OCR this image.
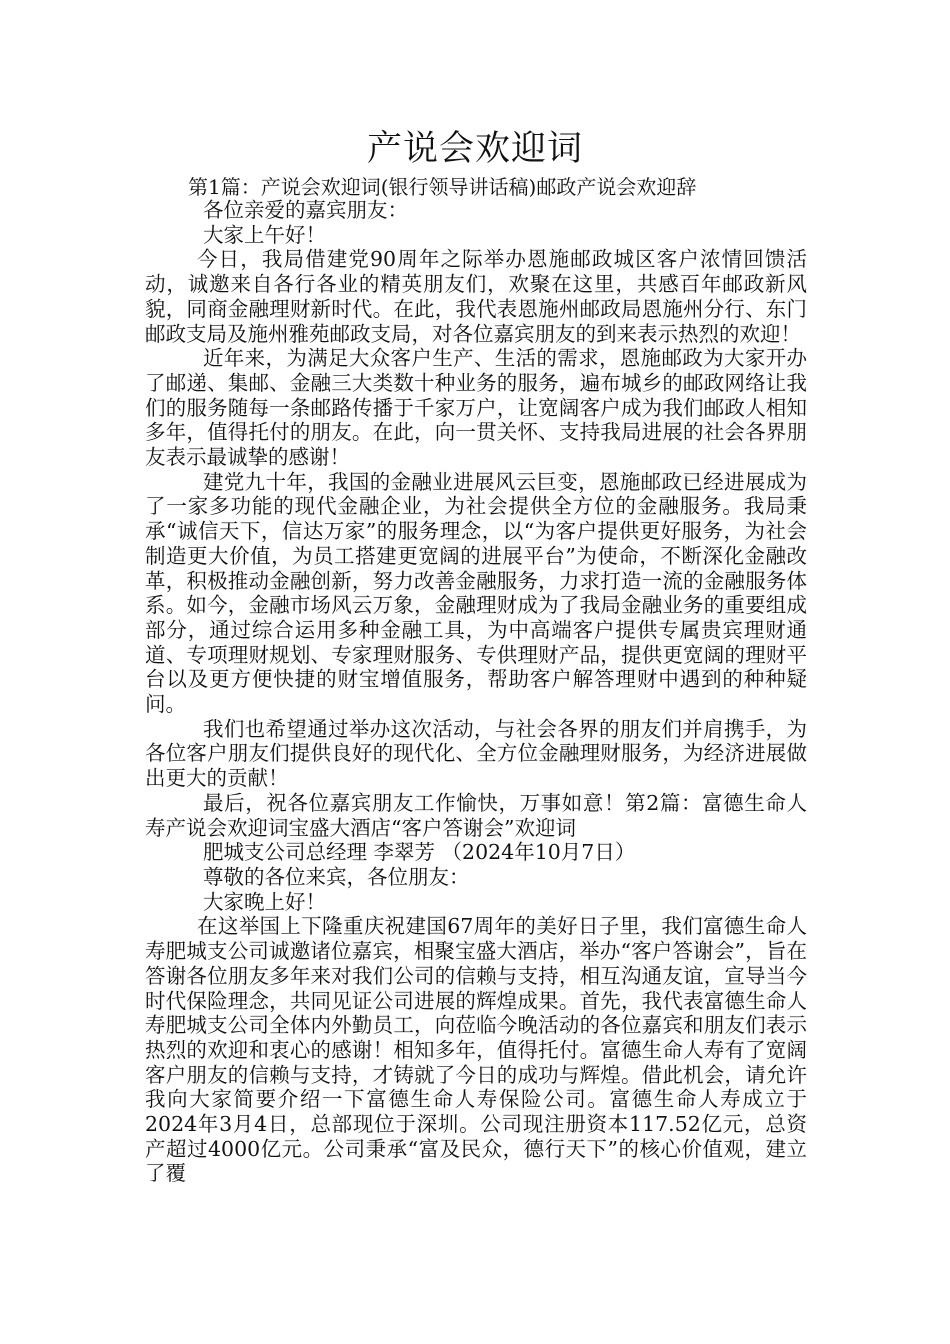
产说会欢迎词
第1篇：产说会欢迎词(银行领导讲话稿)邮政产说会欢迎辞

各位亲爱的嘉宾朋友：

大家上午好！

今日，我局借建党90周年之际举办恩施邮政城区客户浓情回馈活动，诚邀来自各行各业的精英朋友们，欢聚在这里，共感百年邮政新风貌，同商金融理财新时代。在此，我代表恩施州邮政局恩施州分行、东门邮政支局及施州雅苑邮政支局，对各位嘉宾朋友的到来表示热烈的欢迎！

近年来，为满足大众客户生产、生活的需求，恩施邮政为大家开办了邮递、集邮、金融三大类数十种业务的服务，遍布城乡的邮政网络让我们的服务随每一条邮路传播于千家万户，让宽阔客户成为我们邮政人相知多年，值得托付的朋友。在此，向一贯关怀、支持我局进展的社会各界朋友表示最诚挚的感谢！

建党九十年，我国的金融业进展风云巨变，恩施邮政已经进展成为了一家多功能的现代金融企业，为社会提供全方位的金融服务。我局秉承“诚信天下，信达万家”的服务理念，以“为客户提供更好服务，为社会制造更大价值，为员工搭建更宽阔的进展平台”为使命，不断深化金融改革，积极推动金融创新，努力改善金融服务，力求打造一流的金融服务体系。如今，金融市场风云万象，金融理财成为了我局金融业务的重要组成部分，通过综合运用多种金融工具，为中高端客户提供专属贵宾理财通道、专项理财规划、专家理财服务、专供理财产品，提供更宽阔的理财平台以及更方便快捷的财宝增值服务，帮助客户解答理财中遇到的种种疑问。

我们也希望通过举办这次活动，与社会各界的朋友们并肩携手，为各位客户朋友们提供良好的现代化、全方位金融理财服务，为经济进展做出更大的贡献！

最后，祝各位嘉宾朋友工作愉快，万事如意！第2篇：富德生命人寿产说会欢迎词宝盛大酒店“客户答谢会”欢迎词

肥城支公司总经理 李翠芳 （2024年10月7日）

尊敬的各位来宾，各位朋友：

大家晚上好！

在这举国上下隆重庆祝建国67周年的美好日子里，我们富德生命人寿肥城支公司诚邀诸位嘉宾，相聚宝盛大酒店，举办“客户答谢会”，旨在答谢各位朋友多年来对我们公司的信赖与支持，相互沟通友谊，宣导当今时代保险理念，共同见证公司进展的辉煌成果。首先，我代表富德生命人寿肥城支公司全体内外勤员工，向莅临今晚活动的各位嘉宾和朋友们表示热烈的欢迎和衷心的感谢！相知多年，值得托付。富德生命人寿有了宽阔客户朋友的信赖与支持，才铸就了今日的成功与辉煌。借此机会，请允许我向大家简要介绍一下富德生命人寿保险公司。富德生命人寿成立于2024年3月4日，总部现位于深圳。公司现注册资本117.52亿元，总资产超过4000亿元。公司秉承“富及民众，德行天下”的核心价值观，建立了覆
